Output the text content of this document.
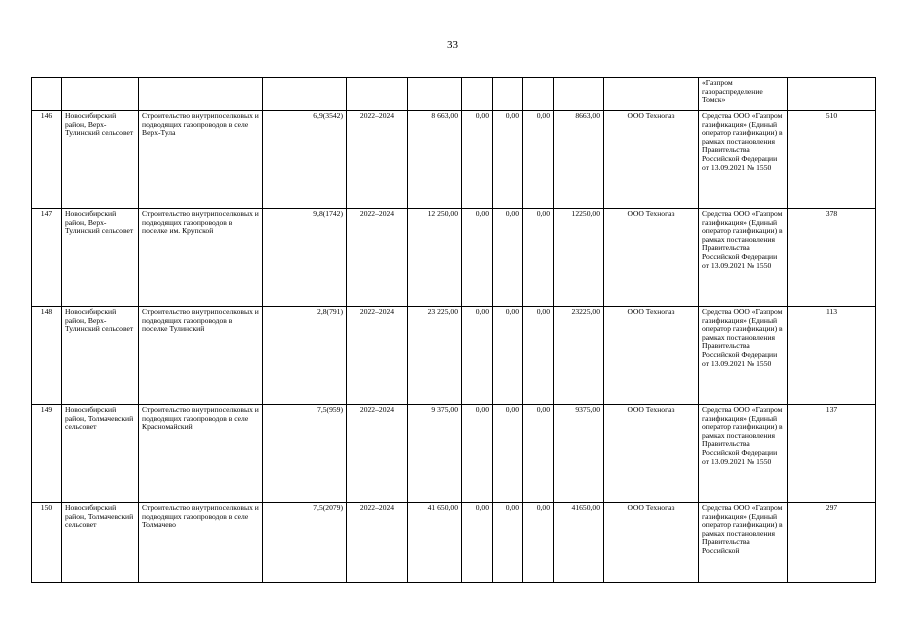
33
											«Газпром газораспределение Томск»	
146	Новосибирский район, Верх-Тулинский сельсовет	Строительство внутрипоселковых и подводящих газопроводов в селе Верх-Тула	6,9(3542)	2022–2024	8 663,00	0,00	0,00	0,00	8663,00	ООО Техногаз	Средства ООО «Газпром газификация» (Единый оператор газификации) в рамках постановления Правительства Российской Федерации от 13.09.2021 № 1550	510
147	Новосибирский район, Верх-Тулинский сельсовет	Строительство внутрипоселковых и подводящих газопроводов в поселке им. Крупской	9,8(1742)	2022–2024	12 250,00	0,00	0,00	0,00	12250,00	ООО Техногаз	Средства ООО «Газпром газификация» (Единый оператор газификации) в рамках постановления Правительства Российской Федерации от 13.09.2021 № 1550	378
148	Новосибирский район, Верх-Тулинский сельсовет	Строительство внутрипоселковых и подводящих газопроводов в поселке Тулинский	2,8(791)	2022–2024	23 225,00	0,00	0,00	0,00	23225,00	ООО Техногаз	Средства ООО «Газпром газификация» (Единый оператор газификации) в рамках постановления Правительства Российской Федерации от 13.09.2021 № 1550	113
149	Новосибирский район, Толмачевский сельсовет	Строительство внутрипоселковых и подводящих газопроводов в селе Красномайский	7,5(959)	2022–2024	9 375,00	0,00	0,00	0,00	9375,00	ООО Техногаз	Средства ООО «Газпром газификация» (Единый оператор газификации) в рамках постановления Правительства Российской Федерации от 13.09.2021 № 1550	137
150	Новосибирский район, Толмачевский сельсовет	Строительство внутрипоселковых и подводящих газопроводов в селе Толмачево	7,5(2079)	2022–2024	41 650,00	0,00	0,00	0,00	41650,00	ООО Техногаз	Средства ООО «Газпром газификация» (Единый оператор газификации) в рамках постановления Правительства Российской	297
